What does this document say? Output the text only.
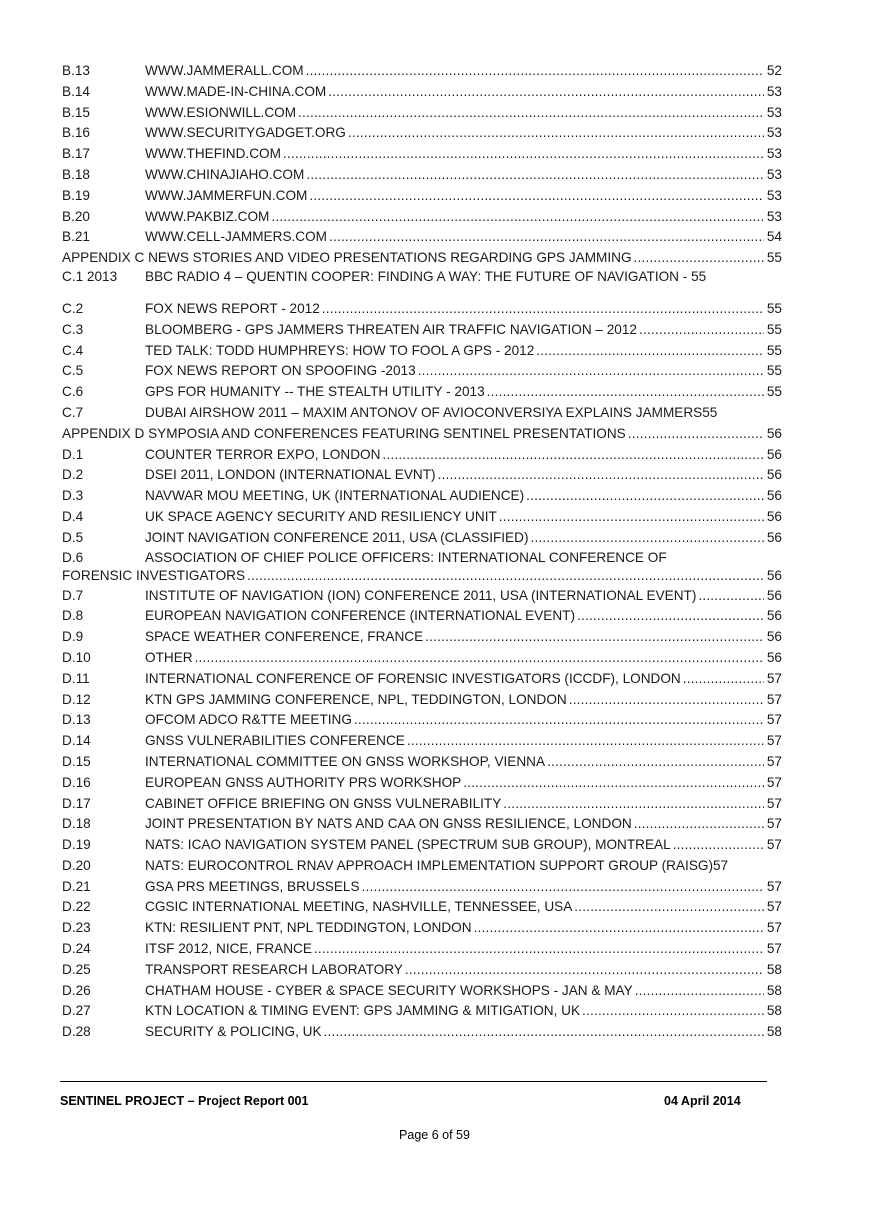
B.13	WWW.JAMMERALL.COM .....	52
B.14	WWW.MADE-IN-CHINA.COM .....	53
B.15	WWW.ESIONWILL.COM .....	53
B.16	WWW.SECURITYGADGET.ORG .....	53
B.17	WWW.THEFIND.COM .....	53
B.18	WWW.CHINAJIAHO.COM .....	53
B.19	WWW.JAMMERFUN.COM .....	53
B.20	WWW.PAKBIZ.COM .....	53
B.21	WWW.CELL-JAMMERS.COM .....	54
APPENDIX C NEWS STORIES AND VIDEO PRESENTATIONS REGARDING GPS JAMMING .....	55
C.1 2013	BBC RADIO 4 – QUENTIN COOPER: FINDING A WAY: THE FUTURE OF NAVIGATION - 55
C.2	FOX NEWS REPORT - 2012 .....	55
C.3	BLOOMBERG - GPS JAMMERS THREATEN AIR TRAFFIC NAVIGATION – 2012 .....	55
C.4	TED TALK: TODD HUMPHREYS: HOW TO FOOL A GPS - 2012 .....	55
C.5	FOX NEWS REPORT ON SPOOFING -2013 .....	55
C.6	GPS FOR HUMANITY -- THE STEALTH UTILITY - 2013 .....	55
C.7	DUBAI AIRSHOW 2011 – MAXIM ANTONOV OF AVIOCONVERSIYA EXPLAINS JAMMERS55
APPENDIX D SYMPOSIA AND CONFERENCES FEATURING SENTINEL PRESENTATIONS .....	56
D.1	COUNTER TERROR EXPO, LONDON .....	56
D.2	DSEI 2011, LONDON (INTERNATIONAL EVNT) .....	56
D.3	NAVWAR MOU MEETING, UK (INTERNATIONAL AUDIENCE) .....	56
D.4	UK SPACE AGENCY SECURITY AND RESILIENCY UNIT .....	56
D.5	JOINT NAVIGATION CONFERENCE 2011, USA (CLASSIFIED) .....	56
D.6	ASSOCIATION OF CHIEF POLICE OFFICERS: INTERNATIONAL CONFERENCE OF
FORENSIC INVESTIGATORS .....	56
D.7	INSTITUTE OF NAVIGATION (ION) CONFERENCE 2011, USA (INTERNATIONAL EVENT) .....	56
D.8	EUROPEAN NAVIGATION CONFERENCE (INTERNATIONAL EVENT) .....	56
D.9	SPACE WEATHER CONFERENCE, FRANCE .....	56
D.10	OTHER .....	56
D.11	INTERNATIONAL CONFERENCE OF FORENSIC INVESTIGATORS (ICCDF), LONDON .....	57
D.12	KTN GPS JAMMING CONFERENCE, NPL, TEDDINGTON, LONDON .....	57
D.13	OFCOM ADCO R&TTE MEETING .....	57
D.14	GNSS VULNERABILITIES CONFERENCE .....	57
D.15	INTERNATIONAL COMMITTEE ON GNSS WORKSHOP, VIENNA .....	57
D.16	EUROPEAN GNSS AUTHORITY PRS WORKSHOP .....	57
D.17	CABINET OFFICE BRIEFING ON GNSS VULNERABILITY .....	57
D.18	JOINT PRESENTATION BY NATS AND CAA ON GNSS RESILIENCE, LONDON .....	57
D.19	NATS: ICAO NAVIGATION SYSTEM PANEL (SPECTRUM SUB GROUP), MONTREAL .....	57
D.20	NATS: EUROCONTROL RNAV APPROACH IMPLEMENTATION SUPPORT GROUP (RAISG)57
D.21	GSA PRS MEETINGS, BRUSSELS .....	57
D.22	CGSIC INTERNATIONAL MEETING, NASHVILLE, TENNESSEE, USA .....	57
D.23	KTN: RESILIENT PNT, NPL TEDDINGTON, LONDON .....	57
D.24	ITSF 2012, NICE, FRANCE .....	57
D.25	TRANSPORT RESEARCH LABORATORY .....	58
D.26	CHATHAM HOUSE - CYBER & SPACE SECURITY WORKSHOPS - JAN & MAY .....	58
D.27	KTN LOCATION & TIMING EVENT: GPS JAMMING & MITIGATION, UK .....	58
D.28	SECURITY & POLICING, UK .....	58
SENTINEL PROJECT – Project Report 001	04 April 2014
Page 6 of 59
